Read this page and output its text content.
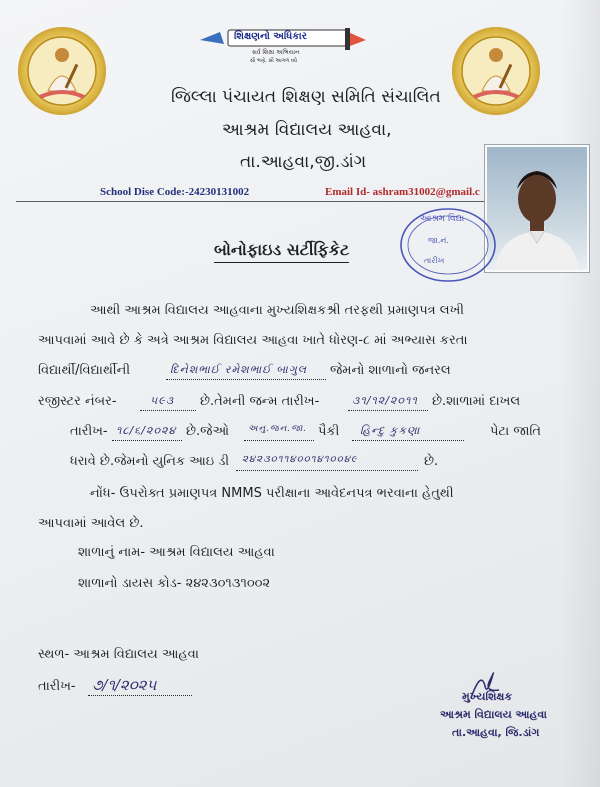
શિક્ષણનો અધિકાર
સર્વ શિક્ષા અભિયાન
સૌ ભણે, સૌ આગળ વધે
જિલ્લા પંચાયત શિક્ષણ સમિતિ સંચાલિત
આશ્રમ વિદ્યાલય આહવા,
તા.આહવા,જી.ડાંગ
School Dise Code:-24230131002	Email Id- ashram31002@gmail.c
આશ્રમ વિદ્યા
જા.નં.
તારીખ
બોનોફાઇડ સર્ટીફિકેટ
આથી આશ્રમ વિદ્યાલય આહવાના મુખ્યશિક્ષકશ્રી તરફથી પ્રમાણપત્ર લખી
આપવામાં આવે છે કે અત્રે આશ્રમ વિદ્યાલય આહવા ખાતે ધોરણ-૮ માં અભ્યાસ કરતા
વિદ્યાર્થી/વિદ્યાર્થીની	દિનેશભાઈ રમેશભાઈ બાગુલ જેમનો શાળાનો જનરલ
રજીસ્ટર નંબર-	૫૯૩ છે.તેમની જન્મ તારીખ-	૩૧/૧૨/૨૦૧૧ છે.શાળામાં દાખલ
તારીખ- ૧૮/૬/૨૦૨૪ છે.જેઓ અનુ.જન.જા. પૈકી હિન્દુ કુકણા	પેટા જાતિ
ધરાવે છે.જેમનો યુનિક આઇ ડી ૨૪૨૩૦૧૧૪૦૦૧૪૧૦૦૪૯	છે.
નોંધ- ઉપરોક્ત પ્રમાણપત્ર NMMS પરીક્ષાના આવેદનપત્ર ભરવાના હેતુથી
આપવામાં આવેલ છે.
શાળાનું નામ- આશ્રમ વિદ્યાલય આહવા
શાળાનો ડાયસ કોડ- ૨૪૨૩૦૧૩૧૦૦૨
સ્થળ- આશ્રમ વિદ્યાલય આહવા
તારીખ- ૭/૧/૨૦૨૫
મુખ્યશિક્ષક
આશ્રમ વિદ્યાલય આહવા
તા.આહવા, જિ.ડાંગ
